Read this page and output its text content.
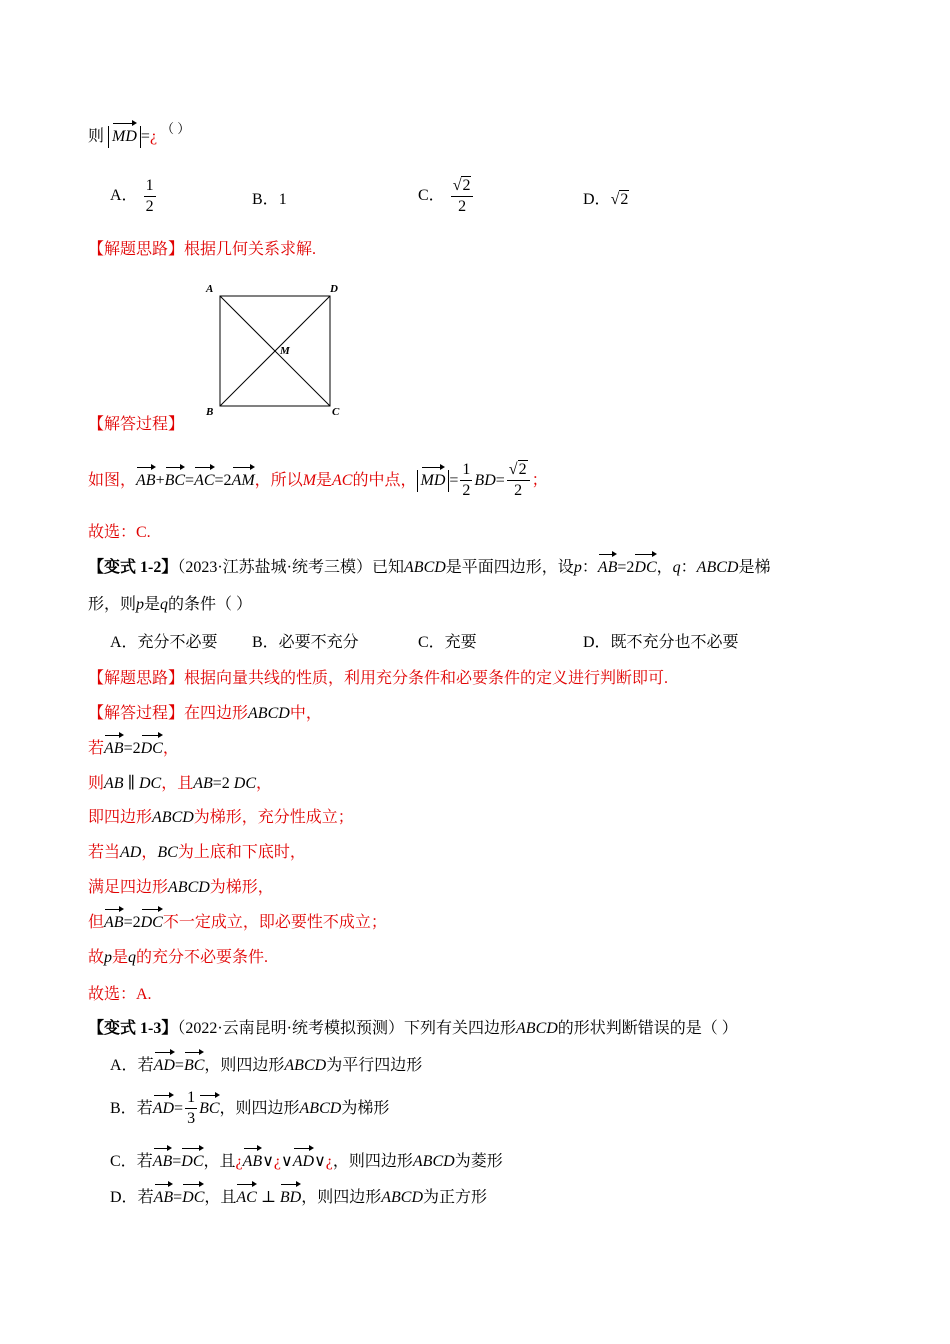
则 MD =¿ （ ）
A． $\frac{1}{2}$	B．1	C． $\frac{√2}{2}$	D．√2
【解题思路】根据几何关系求解.
A	D
M
B	C
【解答过程】
如图， AB+BC=AC=2AM ，所以 M 是 AC 的中点， MD = $\frac{1}{2}$ BD = $\frac{√2}{2}$ ；
故选：C.
【变式 1-2】（2023·江苏盐城·统考三模）已知ABCD是平面四边形，设p：AB=2DC，q：ABCD是梯
形，则p是q的条件（ ）
A．充分不必要 B．必要不充分	C．充要	D．既不充分也不必要
【解题思路】根据向量共线的性质，利用充分条件和必要条件的定义进行判断即可.
【解答过程】在四边形ABCD中，
若AB=2DC，
则AB ∥ DC，且AB=2 DC，
即四边形ABCD为梯形，充分性成立；
若当AD，BC为上底和下底时，
满足四边形ABCD为梯形，
但AB=2DC不一定成立，即必要性不成立；
故p是q的充分不必要条件.
故选：A.
【变式 1-3】（2022·云南昆明·统考模拟预测）下列有关四边形ABCD的形状判断错误的是（ ）
A．若AD=BC，则四边形ABCD为平行四边形
B． 若 AD = $\frac{1}{3}$ BC ，则四边形 ABCD 为梯形
C．若AB=DC，且¿AB∨¿∨AD∨¿，则四边形ABCD为菱形
D．若AB=DC，且AC ⊥ BD，则四边形ABCD为正方形
